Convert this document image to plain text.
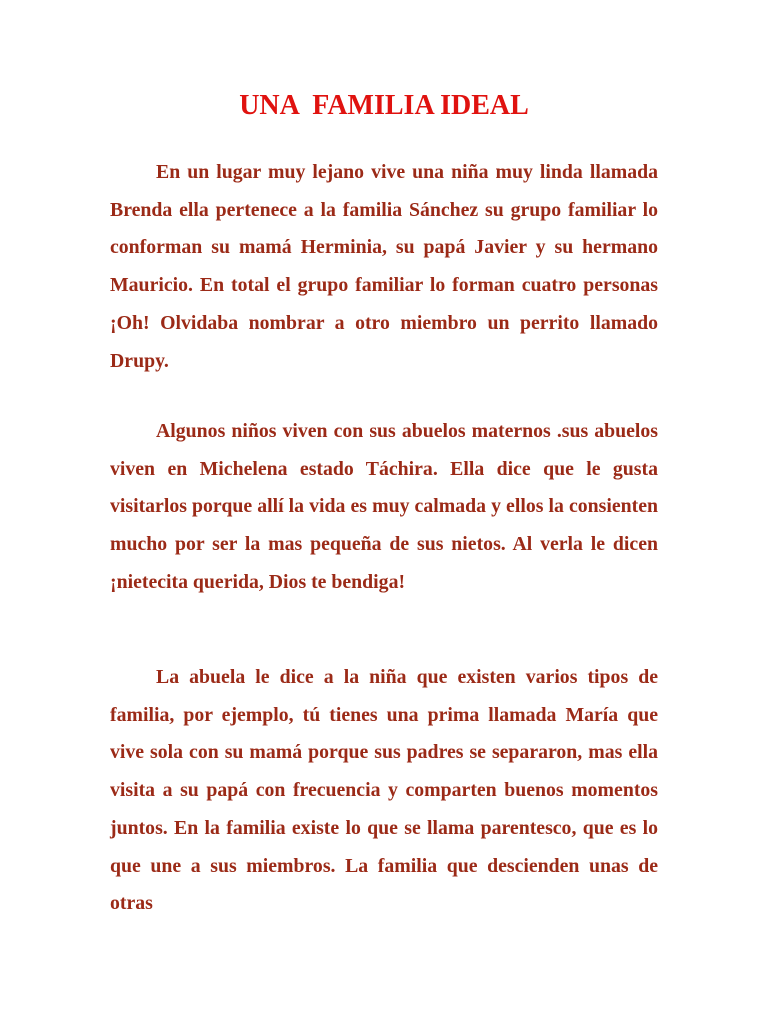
UNA  FAMILIA IDEAL

En un lugar muy lejano vive una niña muy linda llamada Brenda ella pertenece a la familia Sánchez su grupo familiar lo conforman su mamá Herminia, su papá Javier y su hermano Mauricio. En total el grupo familiar lo forman cuatro personas ¡Oh! Olvidaba nombrar a otro miembro un perrito llamado Drupy.

Algunos niños viven con sus abuelos maternos .sus abuelos viven en Michelena estado Táchira. Ella dice que le gusta visitarlos porque allí la vida es muy calmada y ellos la consienten mucho por ser la mas pequeña de sus nietos. Al verla le dicen ¡nietecita querida, Dios te bendiga!

La abuela le dice a la niña que existen varios tipos de familia, por ejemplo, tú tienes una prima llamada María que vive sola con su mamá porque sus padres se separaron, mas ella visita a su papá con frecuencia y comparten buenos momentos juntos. En la familia existe lo que se llama parentesco, que es lo que une a sus miembros. La familia que descienden unas de otras
